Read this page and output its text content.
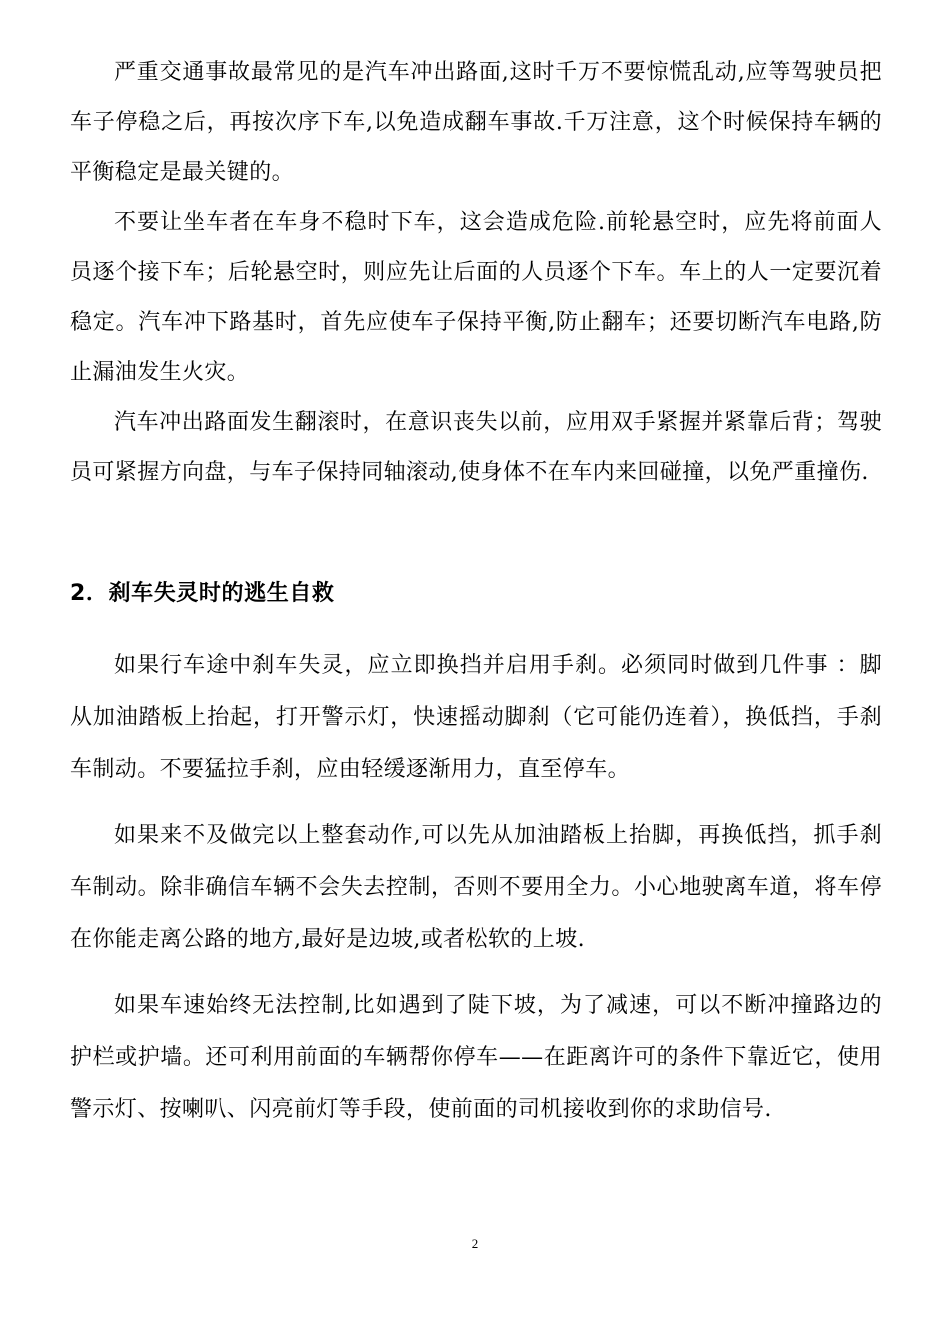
严重交通事故最常见的是汽车冲出路面,这时千万不要惊慌乱动,应等驾驶员把车子停稳之后，再按次序下车,以免造成翻车事故.千万注意，这个时候保持车辆的平衡稳定是最关键的。

不要让坐车者在车身不稳时下车，这会造成危险.前轮悬空时，应先将前面人员逐个接下车；后轮悬空时，则应先让后面的人员逐个下车。车上的人一定要沉着稳定。汽车冲下路基时，首先应使车子保持平衡,防止翻车；还要切断汽车电路,防止漏油发生火灾。

汽车冲出路面发生翻滚时，在意识丧失以前，应用双手紧握并紧靠后背；驾驶员可紧握方向盘，与车子保持同轴滚动,使身体不在车内来回碰撞，以免严重撞伤.

2．刹车失灵时的逃生自救

如果行车途中刹车失灵，应立即换挡并启用手刹。必须同时做到几件事 ：脚从加油踏板上抬起，打开警示灯，快速摇动脚刹（它可能仍连着），换低挡，手刹车制动。不要猛拉手刹，应由轻缓逐渐用力，直至停车。

如果来不及做完以上整套动作,可以先从加油踏板上抬脚，再换低挡，抓手刹车制动。除非确信车辆不会失去控制，否则不要用全力。小心地驶离车道，将车停在你能走离公路的地方,最好是边坡,或者松软的上坡.

如果车速始终无法控制,比如遇到了陡下坡，为了减速，可以不断冲撞路边的护栏或护墙。还可利用前面的车辆帮你停车——在距离许可的条件下靠近它，使用警示灯、按喇叭、闪亮前灯等手段，使前面的司机接收到你的求助信号.

2
